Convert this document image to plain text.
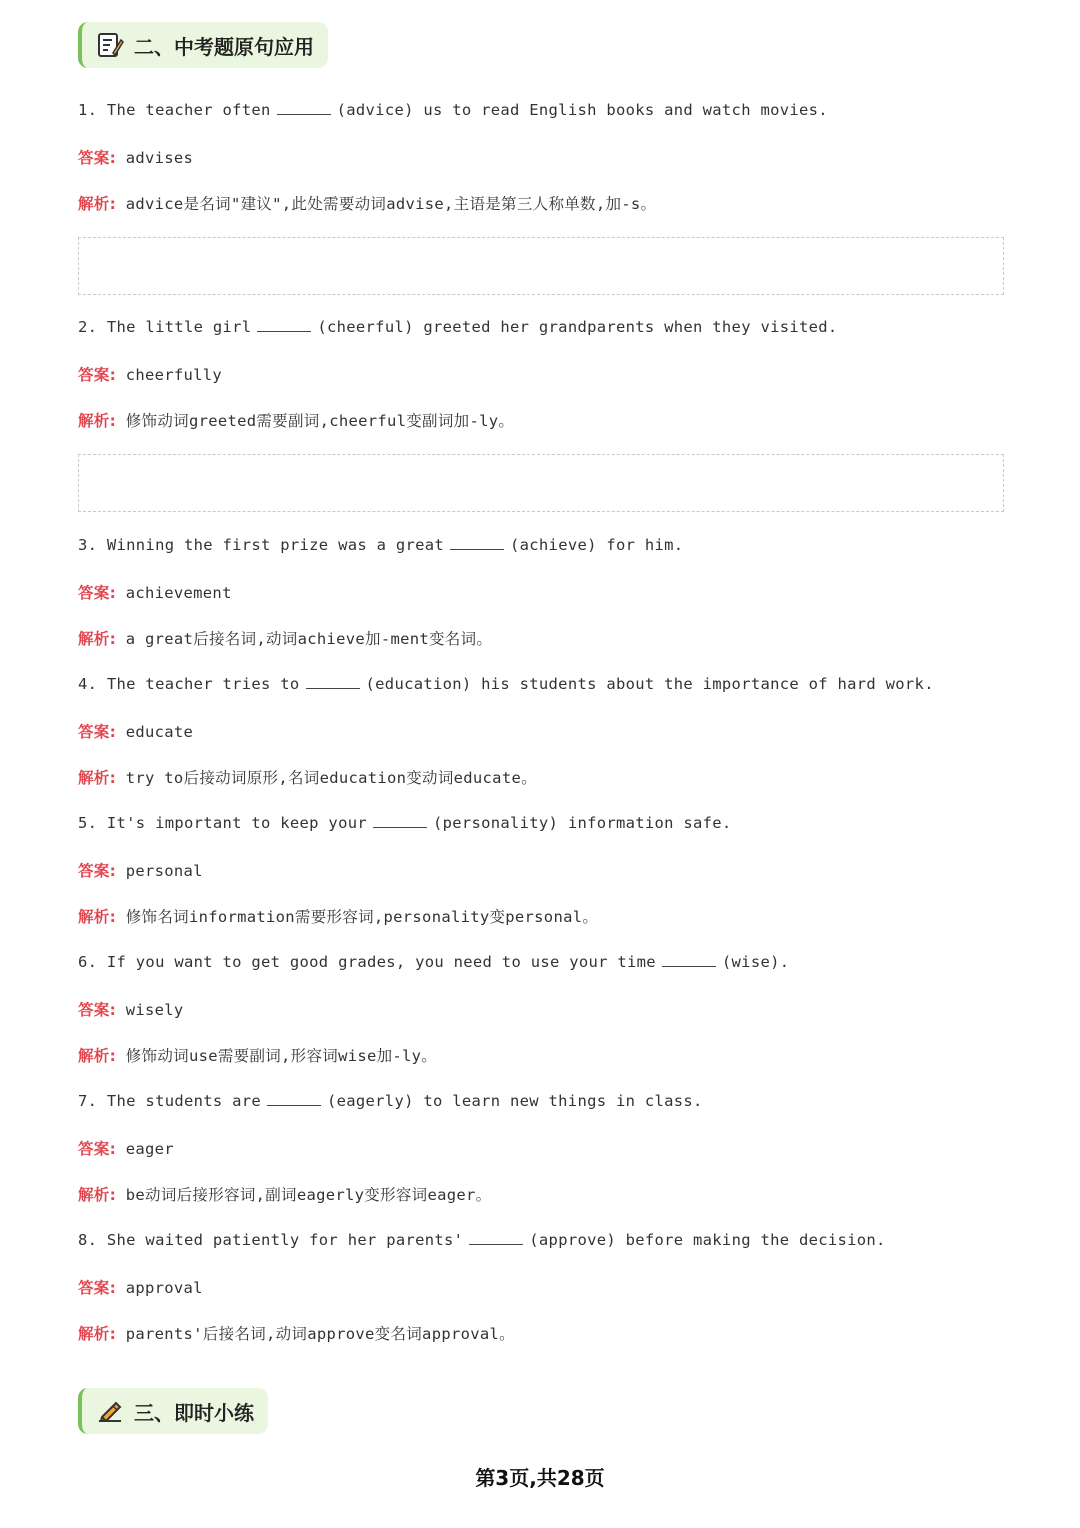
二、中考题原句应用
1. The teacher often	(advice) us to read English books and watch movies.
答案: advises
解析: advice是名词"建议",此处需要动词advise,主语是第三人称单数,加-s。
2. The little girl	(cheerful) greeted her grandparents when they visited.
答案: cheerfully
解析: 修饰动词greeted需要副词,cheerful变副词加-ly。
3. Winning the first prize was a great	(achieve) for him.
答案: achievement
解析: a great后接名词,动词achieve加-ment变名词。
4. The teacher tries to	(education) his students about the importance of hard work.
答案: educate
解析: try to后接动词原形,名词education变动词educate。
5. It's important to keep your	(personality) information safe.
答案: personal
解析: 修饰名词information需要形容词,personality变personal。
6. If you want to get good grades, you need to use your time	(wise).
答案: wisely
解析: 修饰动词use需要副词,形容词wise加-ly。
7. The students are	(eagerly) to learn new things in class.
答案: eager
解析: be动词后接形容词,副词eagerly变形容词eager。
8. She waited patiently for her parents'	(approve) before making the decision.
答案: approval
解析: parents'后接名词,动词approve变名词approval。
三、即时小练
第3页,共28页
